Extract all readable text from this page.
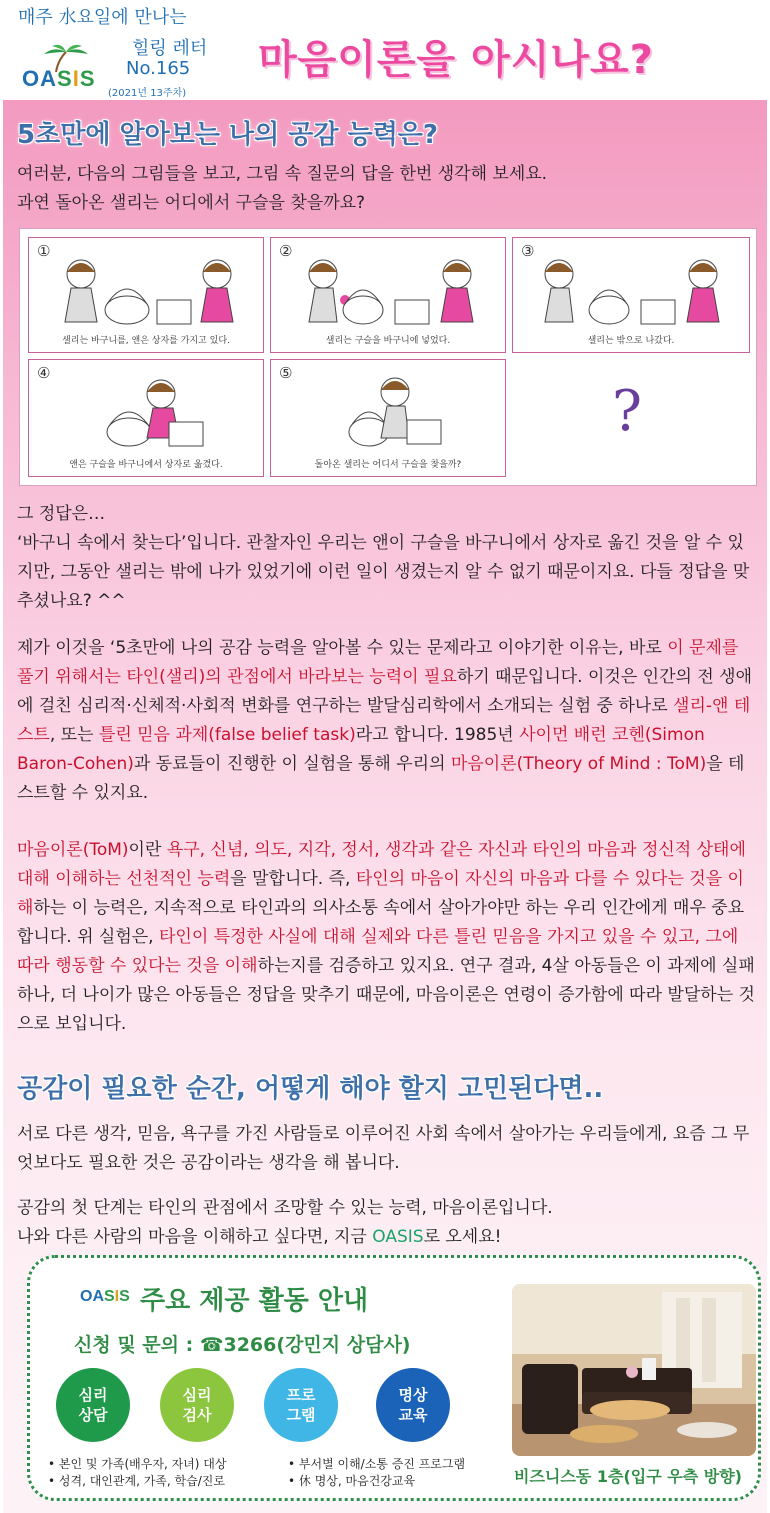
매주 水요일에 만나는
힐링 레터
No.165
(2021년 13주차)
OASIS	마음이론을 아시나요?
5초만에 알아보는 나의 공감 능력은?
여러분, 다음의 그림들을 보고, 그림 속 질문의 답을 한번 생각해 보세요.
과연 돌아온 샐리는 어디에서 구슬을 찾을까요?
①
샐리는 바구니를, 앤은 상자를 가지고 있다.
②
샐리는 구슬을 바구니에 넣었다.
③
샐리는 밖으로 나갔다.
④
앤은 구슬을 바구니에서 상자로 옮겼다.
⑤
돌아온 샐리는 어디서 구슬을 찾을까?
?
그 정답은…
‘바구니 속에서 찾는다’입니다. 관찰자인 우리는 앤이 구슬을 바구니에서 상자로 옮긴 것을 알 수 있지만, 그동안 샐리는 밖에 나가 있었기에 이런 일이 생겼는지 알 수 없기 때문이지요. 다들 정답을 맞추셨나요? ^^
제가 이것을 ‘5초만에 나의 공감 능력을 알아볼 수 있는 문제라고 이야기한 이유는, 바로 이 문제를 풀기 위해서는 타인(샐리)의 관점에서 바라보는 능력이 필요하기 때문입니다. 이것은 인간의 전 생애에 걸친 심리적·신체적·사회적 변화를 연구하는 발달심리학에서 소개되는 실험 중 하나로 샐리-앤 테스트, 또는 틀린 믿음 과제(false belief task)라고 합니다. 1985년 사이먼 배런 코헨(Simon Baron-Cohen)과 동료들이 진행한 이 실험을 통해 우리의 마음이론(Theory of Mind : ToM)을 테스트할 수 있지요.
마음이론(ToM)이란 욕구, 신념, 의도, 지각, 정서, 생각과 같은 자신과 타인의 마음과 정신적 상태에 대해 이해하는 선천적인 능력을 말합니다. 즉, 타인의 마음이 자신의 마음과 다를 수 있다는 것을 이해하는 이 능력은, 지속적으로 타인과의 의사소통 속에서 살아가야만 하는 우리 인간에게 매우 중요합니다. 위 실험은, 타인이 특정한 사실에 대해 실제와 다른 틀린 믿음을 가지고 있을 수 있고, 그에 따라 행동할 수 있다는 것을 이해하는지를 검증하고 있지요. 연구 결과, 4살 아동들은 이 과제에 실패하나, 더 나이가 많은 아동들은 정답을 맞추기 때문에, 마음이론은 연령이 증가함에 따라 발달하는 것으로 보입니다.
공감이 필요한 순간, 어떻게 해야 할지 고민된다면..
서로 다른 생각, 믿음, 욕구를 가진 사람들로 이루어진 사회 속에서 살아가는 우리들에게, 요즘 그 무엇보다도 필요한 것은 공감이라는 생각을 해 봅니다.
공감의 첫 단계는 타인의 관점에서 조망할 수 있는 능력, 마음이론입니다.
나와 다른 사람의 마음을 이해하고 싶다면, 지금 OASIS로 오세요!
OASIS 주요 제공 활동 안내
신청 및 문의 : ☎3266(강민지 상담사)
심리
상담
심리
검사
프로
그램
명상
교육
• 본인 및 가족(배우자, 자녀) 대상
• 성격, 대인관계, 가족, 학습/진로
• 부서별 이해/소통 증진 프로그램
• 休 명상, 마음건강교육	비즈니스동 1층(입구 우측 방향)
